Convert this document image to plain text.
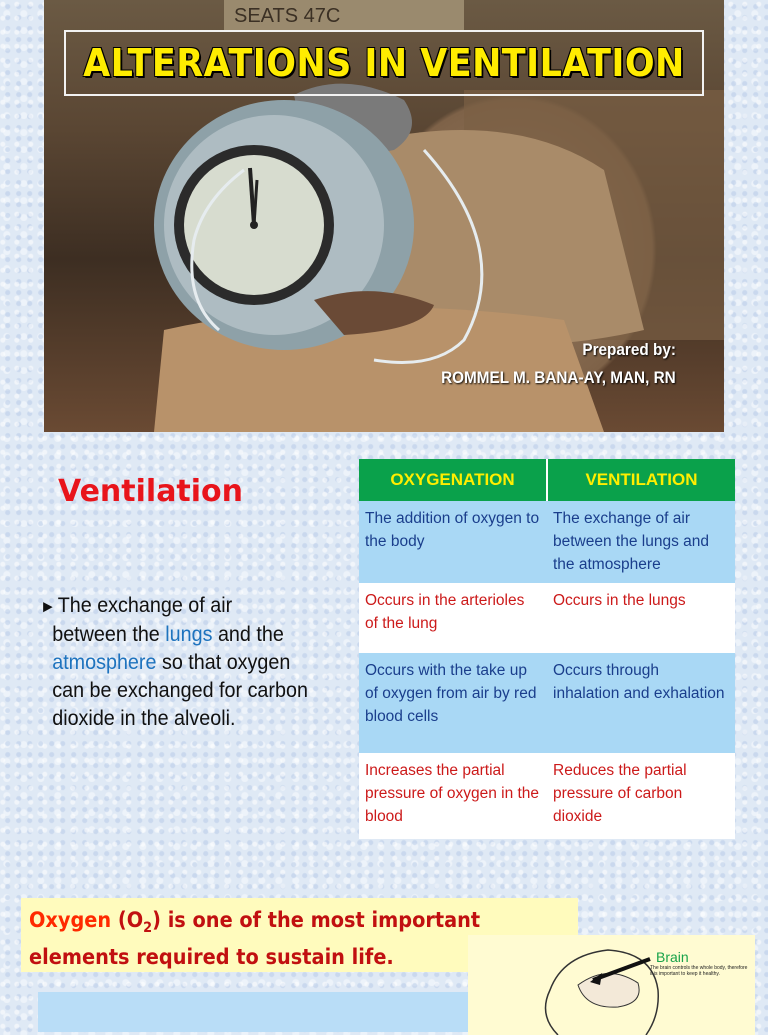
SEATS 47C
ALTERATIONS IN VENTILATION
Prepared by:
ROMMEL M. BANA-AY, MAN, RN
Ventilation
►The exchange of air
between the lungs and the
atmosphere so that oxygen
can be exchanged for carbon
dioxide in the alveoli.
OXYGENATION	VENTILATION
The addition of oxygen to the body	The exchange of air between the lungs and the atmosphere
Occurs in the arterioles of the lung	Occurs in the lungs
Occurs with the take up of oxygen from air by red blood cells	Occurs through inhalation and exhalation
Increases the partial pressure of oxygen in the blood	Reduces the partial pressure of carbon dioxide
Oxygen $(O_2)$ is one of the most important
elements required to sustain life.	Brain
The brain controls the whole body, therefore it is important to keep it healthy.
